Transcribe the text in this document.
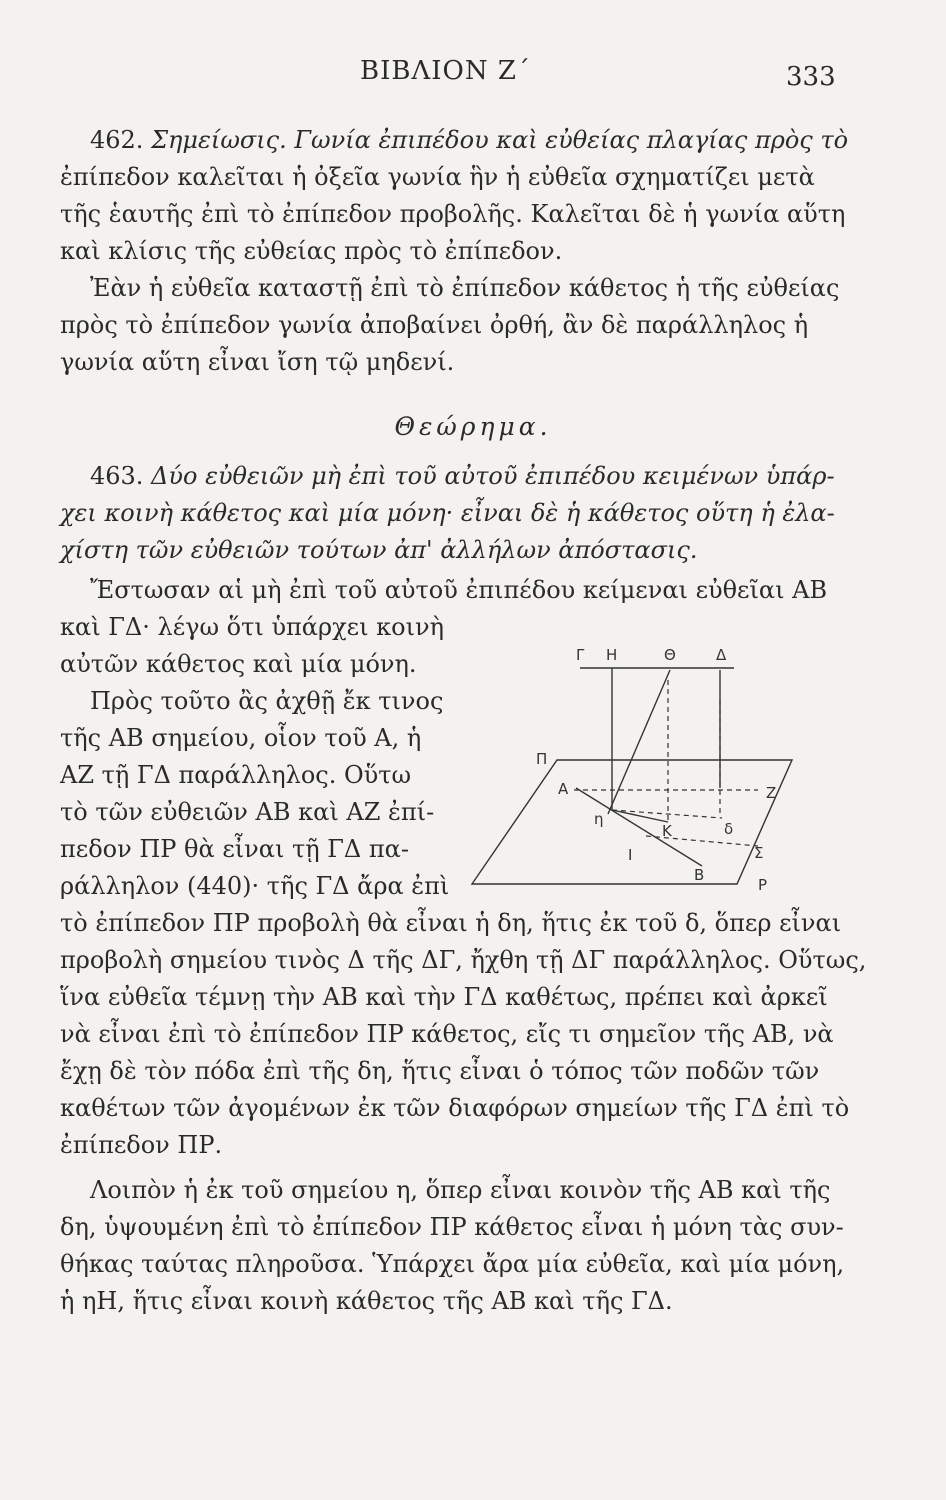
ΒΙΒΛΙΟΝ Ζ΄	333
462. Σημείωσις. Γωνία ἐπιπέδου καὶ εὐθείας πλαγίας πρὸς τὸ
ἐπίπεδον καλεῖται ἡ ὀξεῖα γωνία ἣν ἡ εὐθεῖα σχηματίζει μετὰ
τῆς ἑαυτῆς ἐπὶ τὸ ἐπίπεδον προβολῆς. Καλεῖται δὲ ἡ γωνία αὕτη
καὶ κλίσις τῆς εὐθείας πρὸς τὸ ἐπίπεδον.
Ἐὰν ἡ εὐθεῖα καταστῇ ἐπὶ τὸ ἐπίπεδον κάθετος ἡ τῆς εὐθείας
πρὸς τὸ ἐπίπεδον γωνία ἀποβαίνει ὀρθή, ἂν δὲ παράλληλος ἡ
γωνία αὕτη εἶναι ἴση τῷ μηδενί.
Θεώρημα.
463. Δύο εὐθειῶν μὴ ἐπὶ τοῦ αὐτοῦ ἐπιπέδου κειμένων ὑπάρ-
χει κοινὴ κάθετος καὶ μία μόνη· εἶναι δὲ ἡ κάθετος οὕτη ἡ ἐλα-
χίστη τῶν εὐθειῶν τούτων ἀπ' ἀλλήλων ἀπόστασις.
Ἔστωσαν αἱ μὴ ἐπὶ τοῦ αὐτοῦ ἐπιπέδου κείμεναι εὐθεῖαι ΑΒ
καὶ ΓΔ· λέγω ὅτι ὑπάρχει κοινὴ
αὐτῶν κάθετος καὶ μία μόνη.
Πρὸς τοῦτο ἂς ἀχθῇ ἔκ τινος
τῆς ΑΒ σημείου, οἷον τοῦ Α, ἡ
ΑΖ τῇ ΓΔ παράλληλος. Οὕτω
τὸ τῶν εὐθειῶν ΑΒ καὶ ΑΖ ἐπί-
πεδον ΠΡ θὰ εἶναι τῇ ΓΔ πα-
ράλληλον (440)· τῆς ΓΔ ἄρα ἐπὶ
Γ Η	Θ	Δ
Π
Α	Ζ
η
Κ	δ
Ι	Σ
Β
Ρ
τὸ ἐπίπεδον ΠΡ προβολὴ θὰ εἶναι ἡ δη, ἥτις ἐκ τοῦ δ, ὅπερ εἶναι
προβολὴ σημείου τινὸς Δ τῆς ΔΓ, ἤχθη τῇ ΔΓ παράλληλος. Οὕτως,
ἵνα εὐθεῖα τέμνῃ τὴν ΑΒ καὶ τὴν ΓΔ καθέτως, πρέπει καὶ ἀρκεῖ
νὰ εἶναι ἐπὶ τὸ ἐπίπεδον ΠΡ κάθετος, εἴς τι σημεῖον τῆς ΑΒ, νὰ
ἔχῃ δὲ τὸν πόδα ἐπὶ τῆς δη, ἥτις εἶναι ὁ τόπος τῶν ποδῶν τῶν
καθέτων τῶν ἀγομένων ἐκ τῶν διαφόρων σημείων τῆς ΓΔ ἐπὶ τὸ
ἐπίπεδον ΠΡ.
Λοιπὸν ἡ ἐκ τοῦ σημείου η, ὅπερ εἶναι κοινὸν τῆς ΑΒ καὶ τῆς
δη, ὑψουμένη ἐπὶ τὸ ἐπίπεδον ΠΡ κάθετος εἶναι ἡ μόνη τὰς συν-
θήκας ταύτας πληροῦσα. Ὑπάρχει ἄρα μία εὐθεῖα, καὶ μία μόνη,
ἡ ηΗ, ἥτις εἶναι κοινὴ κάθετος τῆς ΑΒ καὶ τῆς ΓΔ.
